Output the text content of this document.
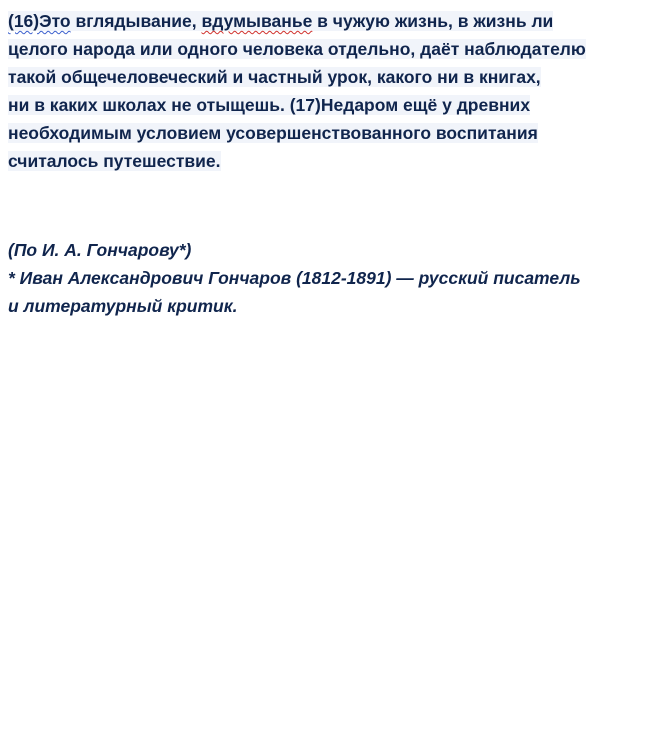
(16)Это вглядывание, вдумыванье в чужую жизнь, в жизнь ли
целого народа или одного человека отдельно, даёт наблюдателю
такой общечеловеческий и частный урок, какого ни в книгах,
ни в каких школах не отыщешь. (17)Недаром ещё у древних
необходимым условием усовершенствованного воспитания
считалось путешествие.
(По И. А. Гончарову*)
* Иван Александрович Гончаров (1812-1891) — русский писатель
и литературный критик.
